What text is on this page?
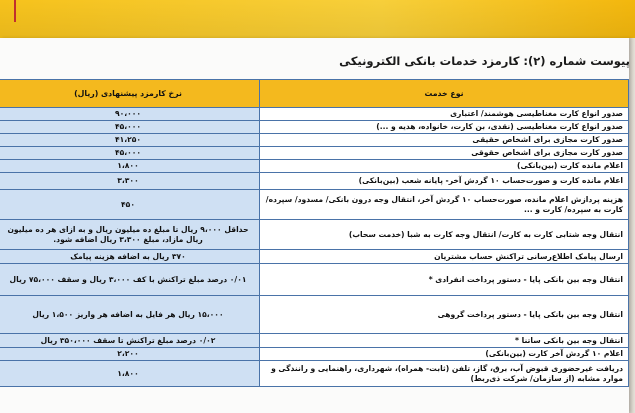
پیوست شماره (۲): کارمزد خدمات بانکی الکترونیکی
نوع خدمت	نرخ کارمزد پیشنهادی (ریال)
صدور انواع کارت مغناطیسی هوشمند/ اعتباری	۹۰،۰۰۰
صدور انواع کارت مغناطیسی (نقدی، بن کارت، خانواده، هدیه و ...)	۴۵،۰۰۰
صدور کارت مجازی برای اشخاص حقیقی	۴۱،۲۵۰
صدور کارت مجازی برای اشخاص حقوقی	۴۵،۰۰۰
اعلام مانده کارت (بین‌بانکی)	۱،۸۰۰
اعلام مانده کارت و صورت‌حساب ۱۰ گردش آخر- پایانه شعب (بین‌بانکی)	۳،۳۰۰
هزینه پردازش اعلام مانده، صورت‌حساب ۱۰ گردش آخر، انتقال وجه درون بانکی/ مسدود/ سپرده/ کارت به سپرده/ کارت و ...	۴۵۰
انتقال وجه شتابی کارت به کارت/ انتقال وجه کارت به شبا (خدمت سحاب)	حداقل ۹،۰۰۰ ریال تا مبلغ ده میلیون ریال و به ازای هر ده میلیون ریال مازاد، مبلغ ۳،۳۰۰ ریال اضافه شود.
ارسال پیامک اطلاع‌رسانی تراکنش حساب مشتریان	۳۷۰ ریال به اضافه هزینه پیامک
انتقال وجه بین بانکی پایا - دستور پرداخت انفرادی *	۰/۰۱ درصد مبلغ تراکنش با کف ۳،۰۰۰ ریال و سقف ۷۵،۰۰۰ ریال
انتقال وجه بین بانکی پایا - دستور پرداخت گروهی	۱۵،۰۰۰ ریال هر فایل به اضافه هر واریز ۱،۵۰۰ ریال
انتقال وجه بین بانکی ساتنا *	۰/۰۲ درصد مبلغ تراکنش تا سقف ۳۵۰،۰۰۰ ریال
اعلام ۱۰ گردش آخر کارت (بین‌بانکی)	۲،۲۰۰
دریافت غیرحضوری قبوض آب، برق، گاز، تلفن (ثابت- همراه)، شهرداری، راهنمایی و رانندگی و موارد مشابه (از سازمان/ شرکت ذی‌ربط)	۱،۸۰۰
